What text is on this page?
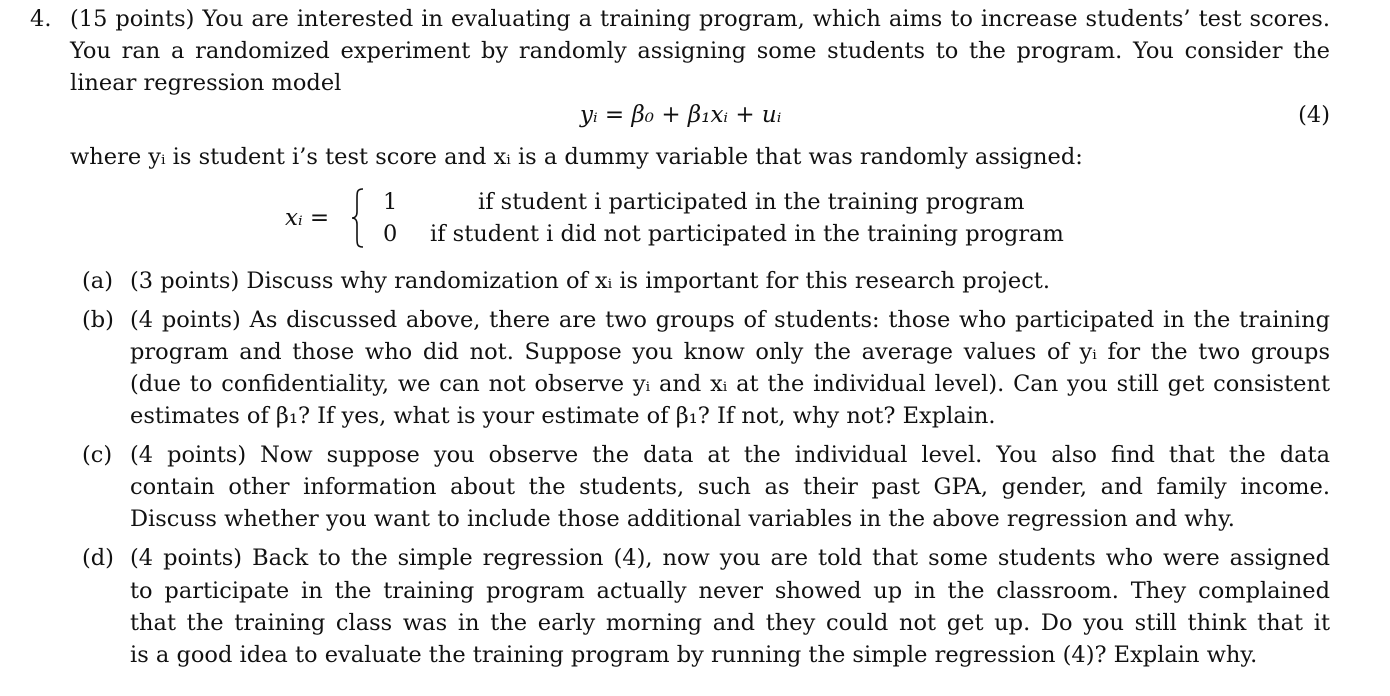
4. (15 points) You are interested in evaluating a training program, which aims to increase students’ test scores.
You ran a randomized experiment by randomly assigning some students to the program. You consider the
linear regression model
yᵢ = β₀ + β₁xᵢ + uᵢ	(4)
where yᵢ is student i’s test score and xᵢ is a dummy variable that was randomly assigned:
xᵢ =
1	if student i participated in the training program
0 if student i did not participated in the training program
(a) (3 points) Discuss why randomization of xᵢ is important for this research project.
(b) (4 points) As discussed above, there are two groups of students: those who participated in the training
program and those who did not. Suppose you know only the average values of yᵢ for the two groups
(due to confidentiality, we can not observe yᵢ and xᵢ at the individual level). Can you still get consistent
estimates of β₁? If yes, what is your estimate of β₁? If not, why not? Explain.
(c) (4 points) Now suppose you observe the data at the individual level. You also find that the data
contain other information about the students, such as their past GPA, gender, and family income.
Discuss whether you want to include those additional variables in the above regression and why.
(d) (4 points) Back to the simple regression (4), now you are told that some students who were assigned
to participate in the training program actually never showed up in the classroom. They complained
that the training class was in the early morning and they could not get up. Do you still think that it
is a good idea to evaluate the training program by running the simple regression (4)? Explain why.
